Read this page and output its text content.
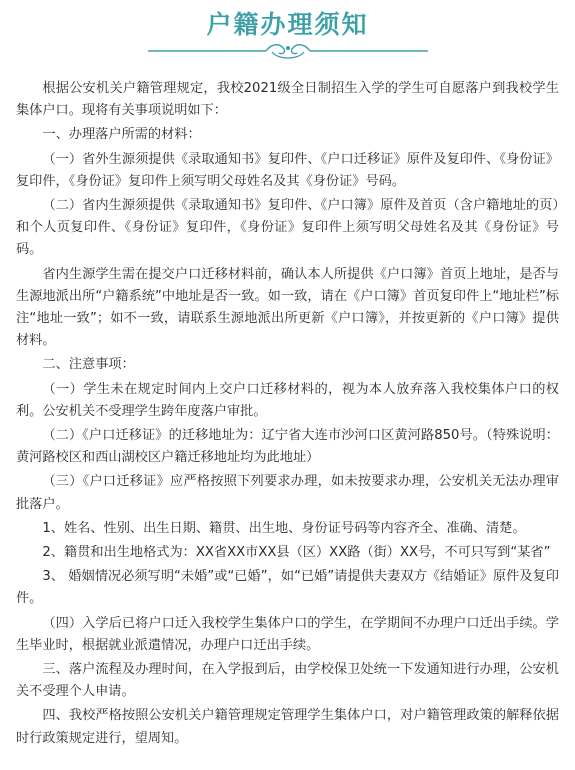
户籍办理须知

根据公安机关户籍管理规定，我校2021级全日制招生入学的学生可自愿落户到我校学生集体户口。现将有关事项说明如下：

一、办理落户所需的材料：

（一）省外生源须提供《录取通知书》复印件、《户口迁移证》原件及复印件、《身份证》复印件，《身份证》复印件上须写明父母姓名及其《身份证》号码。

（二）省内生源须提供《录取通知书》复印件、《户口簿》原件及首页（含户籍地址的页）和个人页复印件、《身份证》复印件，《身份证》复印件上须写明父母姓名及其《身份证》号码。

省内生源学生需在提交户口迁移材料前，确认本人所提供《户口簿》首页上地址，是否与生源地派出所“户籍系统”中地址是否一致。如一致，请在《户口簿》首页复印件上“地址栏”标注“地址一致”；如不一致，请联系生源地派出所更新《户口簿》，并按更新的《户口簿》提供材料。

二、注意事项：

（一）学生未在规定时间内上交户口迁移材料的，视为本人放弃落入我校集体户口的权利。公安机关不受理学生跨年度落户审批。

（二）《户口迁移证》的迁移地址为：辽宁省大连市沙河口区黄河路850号。（特殊说明：黄河路校区和西山湖校区户籍迁移地址均为此地址）

（三）《户口迁移证》应严格按照下列要求办理，如未按要求办理，公安机关无法办理审批落户。

1、姓名、性别、出生日期、籍贯、出生地、身份证号码等内容齐全、准确、清楚。

2、籍贯和出生地格式为：XX省XX市XX县（区）XX路（街）XX号，不可只写到“某省”

3、 婚姻情况必须写明“未婚”或“已婚”，如“已婚”请提供夫妻双方《结婚证》原件及复印件。

（四）入学后已将户口迁入我校学生集体户口的学生，在学期间不办理户口迁出手续。学生毕业时，根据就业派遣情况，办理户口迁出手续。

三、落户流程及办理时间，在入学报到后，由学校保卫处统一下发通知进行办理，公安机关不受理个人申请。

四、我校严格按照公安机关户籍管理规定管理学生集体户口，对户籍管理政策的解释依据时行政策规定进行，望周知。
